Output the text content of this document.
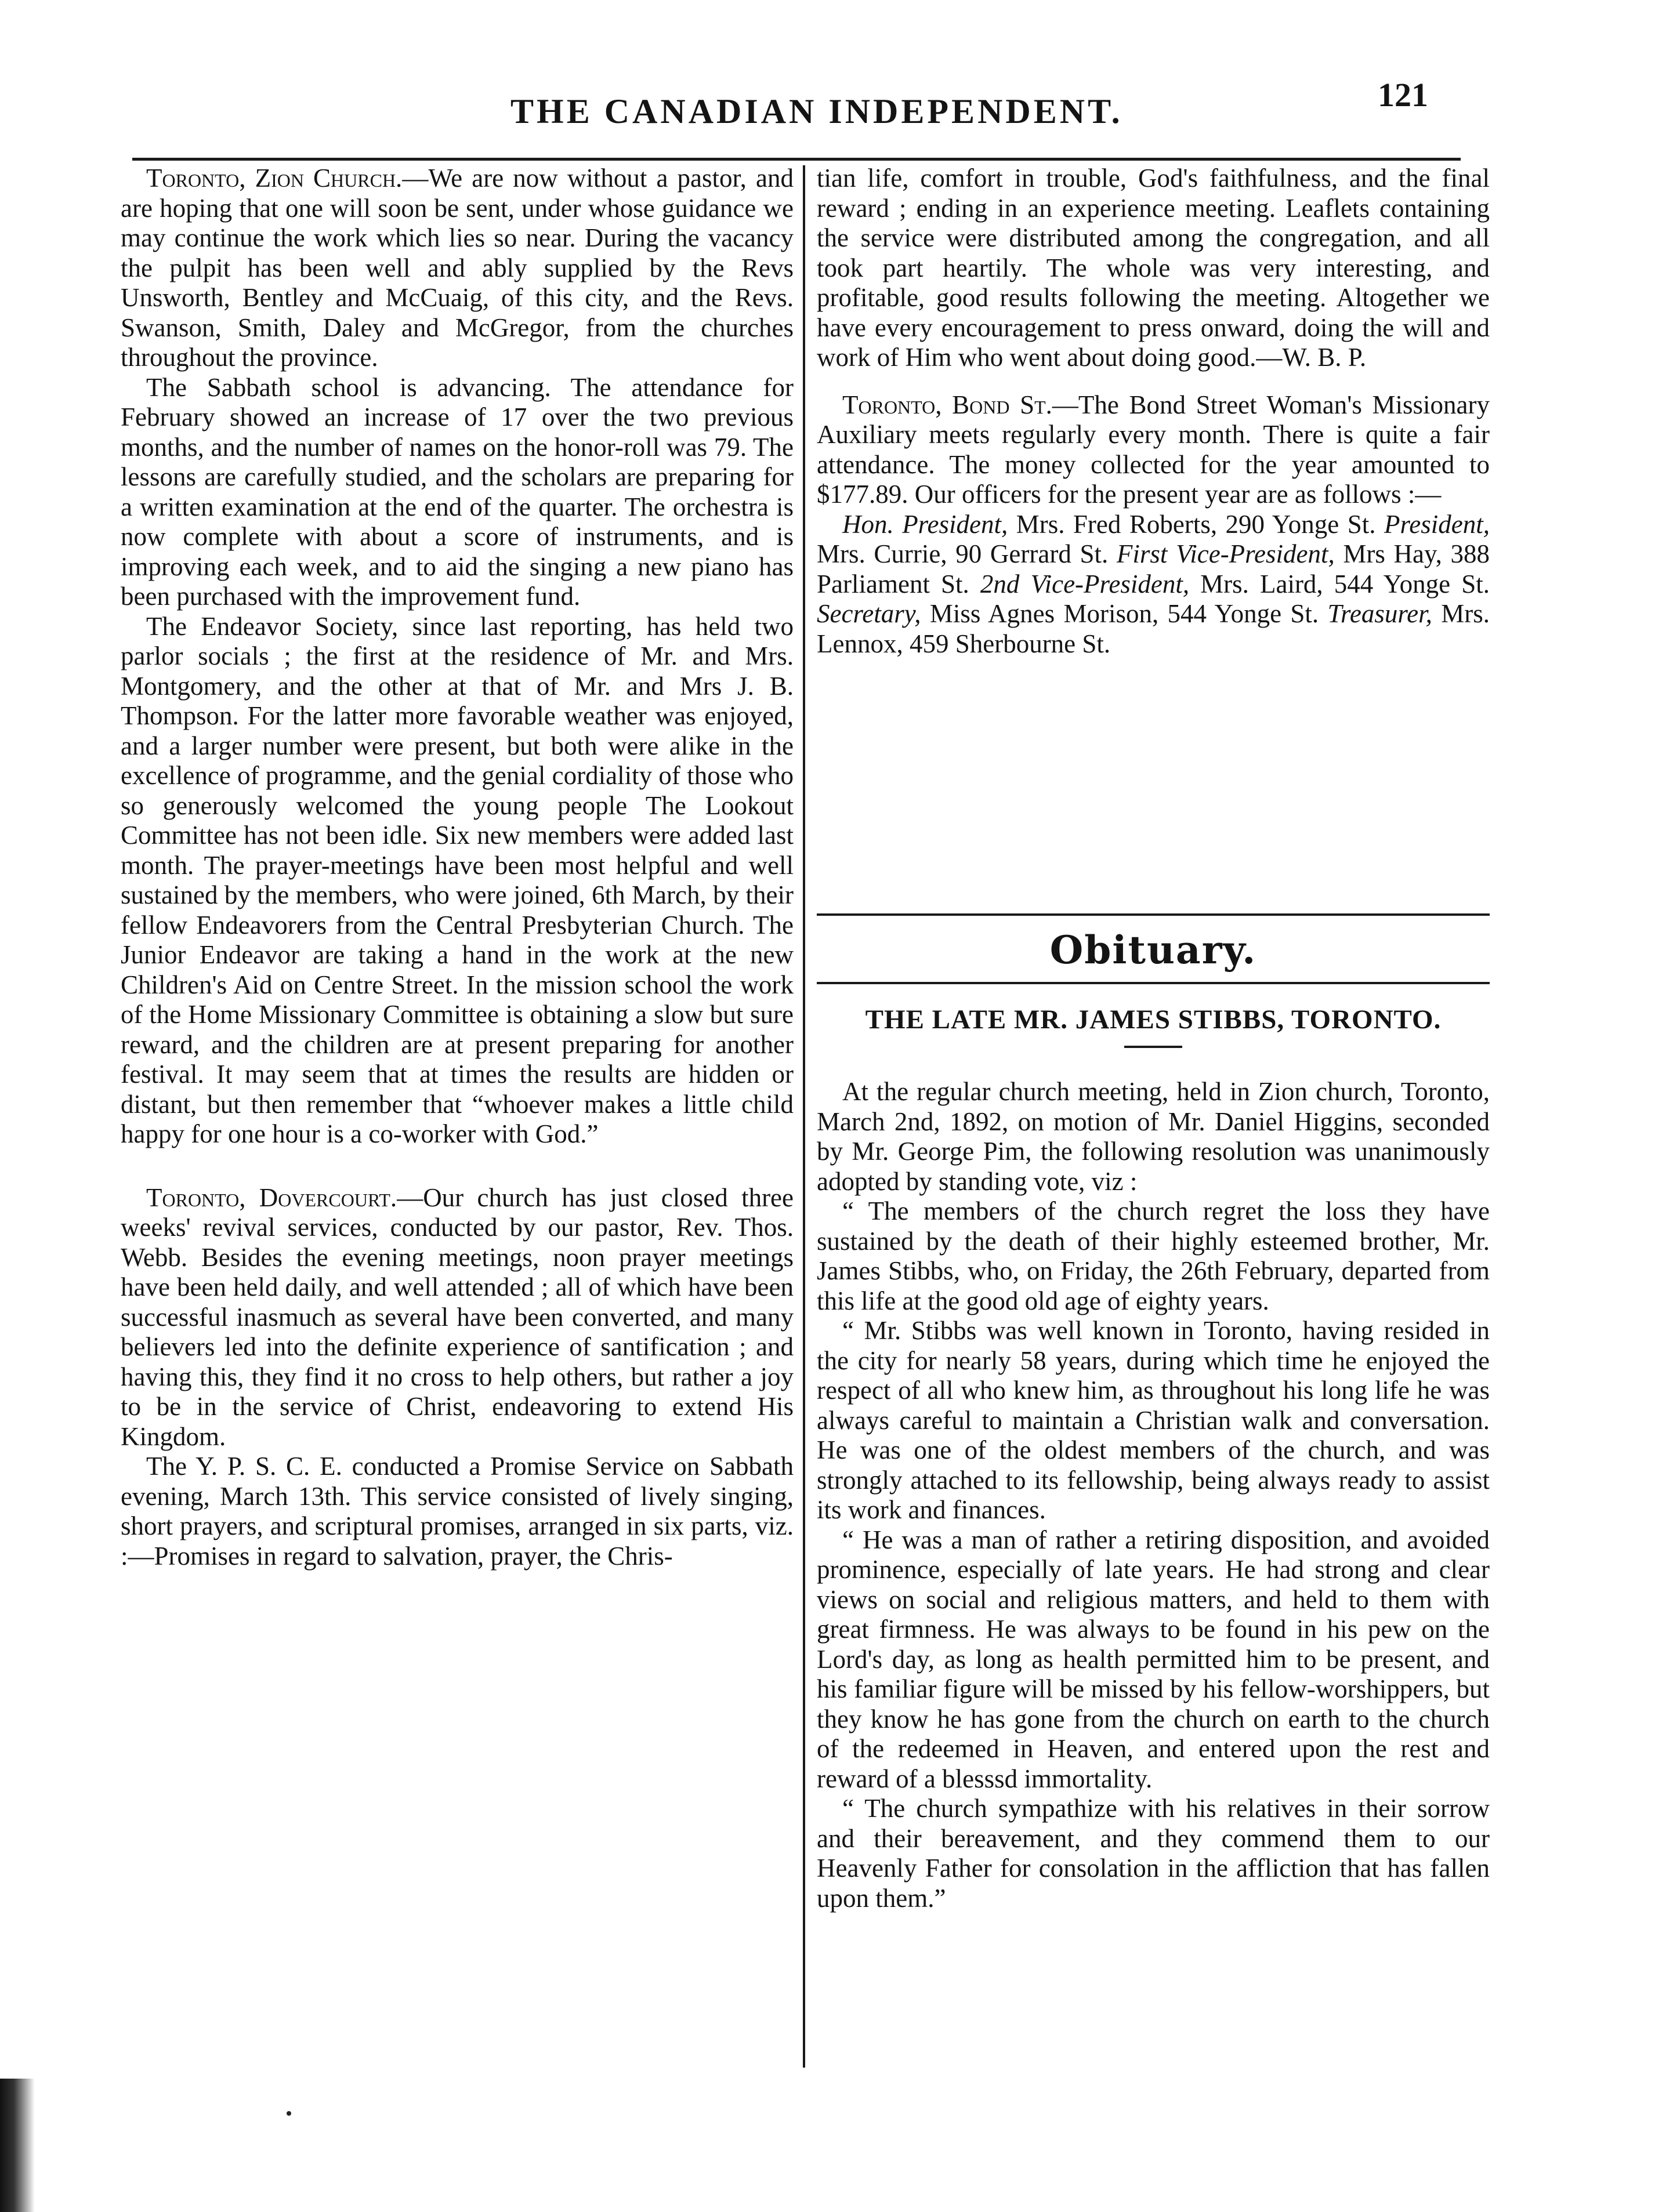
THE CANADIAN INDEPENDENT.	121

Toronto, Zion Church.—We are now without a pastor, and are hoping that one will soon be sent, under whose guidance we may continue the work which lies so near. During the vacancy the pulpit has been well and ably supplied by the Revs Unsworth, Bentley and McCuaig, of this city, and the Revs. Swanson, Smith, Daley and McGregor, from the churches throughout the province.

The Sabbath school is advancing. The attendance for February showed an increase of 17 over the two previous months, and the number of names on the honor-roll was 79. The lessons are carefully studied, and the scholars are preparing for a written examination at the end of the quarter. The orchestra is now complete with about a score of instruments, and is improving each week, and to aid the singing a new piano has been purchased with the improvement fund.

The Endeavor Society, since last reporting, has held two parlor socials ; the first at the residence of Mr. and Mrs. Montgomery, and the other at that of Mr. and Mrs J. B. Thompson. For the latter more favorable weather was enjoyed, and a larger number were present, but both were alike in the excellence of programme, and the genial cordiality of those who so generously welcomed the young people The Lookout Committee has not been idle. Six new members were added last month. The prayer-meetings have been most helpful and well sustained by the members, who were joined, 6th March, by their fellow Endeavorers from the Central Presbyterian Church. The Junior Endeavor are taking a hand in the work at the new Children's Aid on Centre Street. In the mission school the work of the Home Missionary Committee is obtaining a slow but sure reward, and the children are at present preparing for another festival. It may seem that at times the results are hidden or distant, but then remember that “whoever makes a little child happy for one hour is a co-worker with God.”

Toronto, Dovercourt.—Our church has just closed three weeks' revival services, conducted by our pastor, Rev. Thos. Webb. Besides the evening meetings, noon prayer meetings have been held daily, and well attended ; all of which have been successful inasmuch as several have been converted, and many believers led into the definite experience of santification ; and having this, they find it no cross to help others, but rather a joy to be in the service of Christ, endeavoring to extend His Kingdom.

The Y. P. S. C. E. conducted a Promise Service on Sabbath evening, March 13th. This service consisted of lively singing, short prayers, and scriptural promises, arranged in six parts, viz. :—Promises in regard to salvation, prayer, the Chris-

tian life, comfort in trouble, God's faithfulness, and the final reward ; ending in an experience meeting. Leaflets containing the service were distributed among the congregation, and all took part heartily. The whole was very interesting, and profitable, good results following the meeting. Altogether we have every encouragement to press onward, doing the will and work of Him who went about doing good.—W. B. P.

Toronto, Bond St.—The Bond Street Woman's Missionary Auxiliary meets regularly every month. There is quite a fair attendance. The money collected for the year amounted to $177.89. Our officers for the present year are as follows :—

Hon. President, Mrs. Fred Roberts, 290 Yonge St. President, Mrs. Currie, 90 Gerrard St. First Vice-President, Mrs Hay, 388 Parliament St. 2nd Vice-President, Mrs. Laird, 544 Yonge St. Secretary, Miss Agnes Morison, 544 Yonge St. Treasurer, Mrs. Lennox, 459 Sherbourne St.

Obituary.
THE LATE MR. JAMES STIBBS, TORONTO.

At the regular church meeting, held in Zion church, Toronto, March 2nd, 1892, on motion of Mr. Daniel Higgins, seconded by Mr. George Pim, the following resolution was unanimously adopted by standing vote, viz :

“ The members of the church regret the loss they have sustained by the death of their highly esteemed brother, Mr. James Stibbs, who, on Friday, the 26th February, departed from this life at the good old age of eighty years.

“ Mr. Stibbs was well known in Toronto, having resided in the city for nearly 58 years, during which time he enjoyed the respect of all who knew him, as throughout his long life he was always careful to maintain a Christian walk and conversation. He was one of the oldest members of the church, and was strongly attached to its fellowship, being always ready to assist its work and finances.

“ He was a man of rather a retiring disposition, and avoided prominence, especially of late years. He had strong and clear views on social and religious matters, and held to them with great firmness. He was always to be found in his pew on the Lord's day, as long as health permitted him to be present, and his familiar figure will be missed by his fellow-worshippers, but they know he has gone from the church on earth to the church of the redeemed in Heaven, and entered upon the rest and reward of a blesssd immortality.

“ The church sympathize with his relatives in their sorrow and their bereavement, and they commend them to our Heavenly Father for consolation in the affliction that has fallen upon them.”
